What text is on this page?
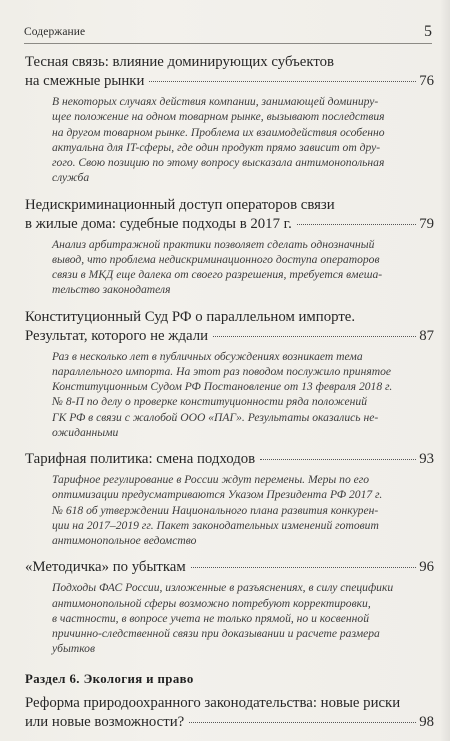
Содержание	5
Тесная связь: влияние доминирующих субъектов
на смежные рынки	76
В некоторых случаях действия компании, занимающей доминиру-
щее положение на одном товарном рынке, вызывают последствия
на другом товарном рынке. Проблема их взаимодействия особенно
актуальна для IT-сферы, где один продукт прямо зависит от дру-
гого. Свою позицию по этому вопросу высказала антимонопольная
служба
Недискриминационный доступ операторов связи
в жилые дома: судебные подходы в 2017 г.	79
Анализ арбитражной практики позволяет сделать однозначный
вывод, что проблема недискриминационного доступа операторов
связи в МКД еще далека от своего разрешения, требуется вмеша-
тельство законодателя
Конституционный Суд РФ о параллельном импорте.
Результат, которого не ждали	87
Раз в несколько лет в публичных обсуждениях возникает тема
параллельного импорта. На этот раз поводом послужило принятое
Конституционным Судом РФ Постановление от 13 февраля 2018 г.
№ 8-П по делу о проверке конституционности ряда положений
ГК РФ в связи с жалобой ООО «ПАГ». Результаты оказались не-
ожиданными
Тарифная политика: смена подходов	93
Тарифное регулирование в России ждут перемены. Меры по его
оптимизации предусматриваются Указом Президента РФ 2017 г.
№ 618 об утверждении Национального плана развития конкурен-
ции на 2017–2019 гг. Пакет законодательных изменений готовит
антимонопольное ведомство
«Методичка» по убыткам	96
Подходы ФАС России, изложенные в разъяснениях, в силу специфики
антимонопольной сферы возможно потребуют корректировки,
в частности, в вопросе учета не только прямой, но и косвенной
причинно-следственной связи при доказывании и расчете размера
убытков
Раздел 6. Экология и право
Реформа природоохранного законодательства: новые риски
или новые возможности?	98
